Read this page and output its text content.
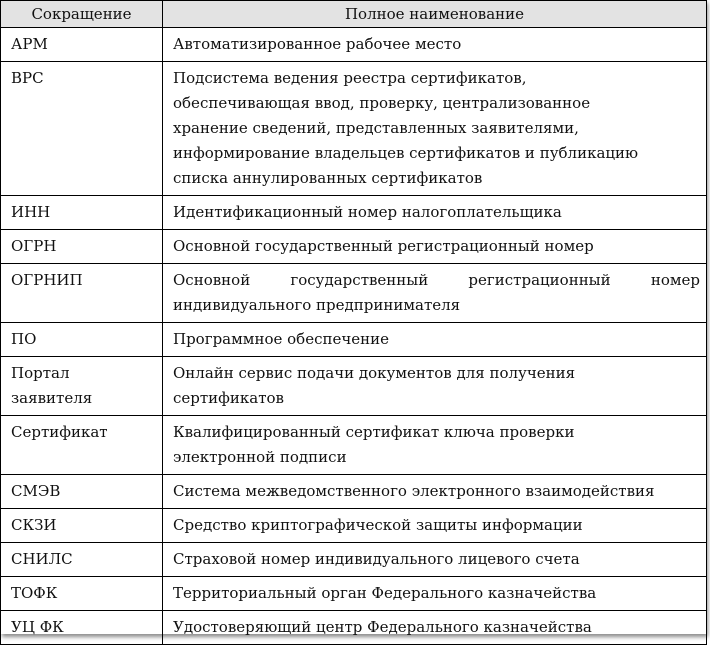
Сокращение	Полное наименование
АРМ	Автоматизированное рабочее место
ВРС	Подсистема ведения реестра сертификатов,
обеспечивающая ввод, проверку, централизованное
хранение сведений, представленных заявителями,
информирование владельцев сертификатов и публикацию
списка аннулированных сертификатов

ИНН	Идентификационный номер налогоплательщика
ОГРН	Основной государственный регистрационный номер
ОГРНИП	Основной государственный регистрационный номер
индивидуального предпринимателя

ПО	Программное обеспечение

Портал
заявителя	Онлайн сервис подачи документов для получения
сертификатов

Сертификат	Квалифицированный сертификат ключа проверки
электронной подписи

СМЭВ	Система межведомственного электронного взаимодействия
СКЗИ	Средство криптографической защиты информации
СНИЛС	Страховой номер индивидуального лицевого счета
ТОФК	Территориальный орган Федерального казначейства
УЦ ФК	Удостоверяющий центр Федерального казначейства
